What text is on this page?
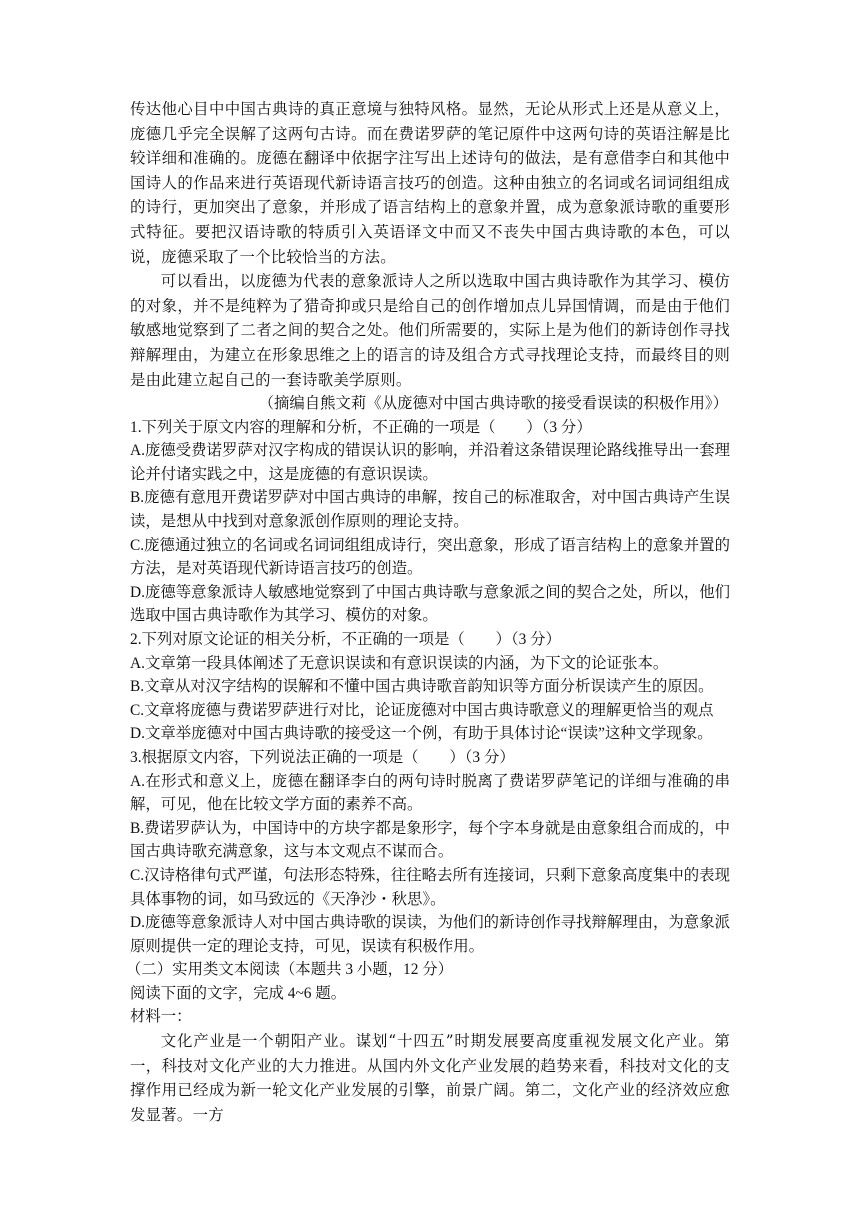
传达他心目中中国古典诗的真正意境与独特风格。显然，无论从形式上还是从意义上，庞德几乎完全误解了这两句古诗。而在费诺罗萨的笔记原件中这两句诗的英语注解是比较详细和准确的。庞德在翻译中依据字注写出上述诗句的做法，是有意借李白和其他中国诗人的作品来进行英语现代新诗语言技巧的创造。这种由独立的名词或名词词组组成的诗行，更加突出了意象，并形成了语言结构上的意象并置，成为意象派诗歌的重要形式特征。要把汉语诗歌的特质引入英语译文中而又不丧失中国古典诗歌的本色，可以说，庞德采取了一个比较恰当的方法。

可以看出，以庞德为代表的意象派诗人之所以选取中国古典诗歌作为其学习、模仿的对象，并不是纯粹为了猎奇抑或只是给自己的创作增加点儿异国情调，而是由于他们敏感地觉察到了二者之间的契合之处。他们所需要的，实际上是为他们的新诗创作寻找辩解理由，为建立在形象思维之上的语言的诗及组合方式寻找理论支持，而最终目的则是由此建立起自己的一套诗歌美学原则。

（摘编自熊文莉《从庞德对中国古典诗歌的接受看误读的积极作用》）

1.下列关于原文内容的理解和分析，不正确的一项是（　　）（3 分）

A.庞德受费诺罗萨对汉字构成的错误认识的影响，并沿着这条错误理论路线推导出一套理论并付诸实践之中，这是庞德的有意识误读。

B.庞德有意甩开费诺罗萨对中国古典诗的串解，按自己的标准取舍，对中国古典诗产生误读，是想从中找到对意象派创作原则的理论支持。

C.庞德通过独立的名词或名词词组组成诗行，突出意象，形成了语言结构上的意象并置的方法，是对英语现代新诗语言技巧的创造。

D.庞德等意象派诗人敏感地觉察到了中国古典诗歌与意象派之间的契合之处，所以，他们选取中国古典诗歌作为其学习、模仿的对象。

2.下列对原文论证的相关分析，不正确的一项是（　　）（3 分）

A.文章第一段具体阐述了无意识误读和有意识误读的内涵，为下文的论证张本。

B.文章从对汉字结构的误解和不懂中国古典诗歌音韵知识等方面分析误读产生的原因。

C.文章将庞德与费诺罗萨进行对比，论证庞德对中国古典诗歌意义的理解更恰当的观点

D.文章举庞德对中国古典诗歌的接受这一个例，有助于具体讨论“误读”这种文学现象。

3.根据原文内容，下列说法正确的一项是（　　）（3 分）

A.在形式和意义上，庞德在翻译李白的两句诗时脱离了费诺罗萨笔记的详细与准确的串解，可见，他在比较文学方面的素养不高。

B.费诺罗萨认为，中国诗中的方块字都是象形字，每个字本身就是由意象组合而成的，中国古典诗歌充满意象，这与本文观点不谋而合。

C.汉诗格律句式严谨，句法形态特殊，往往略去所有连接词，只剩下意象高度集中的表现具体事物的词，如马致远的《天净沙・秋思》。

D.庞德等意象派诗人对中国古典诗歌的误读，为他们的新诗创作寻找辩解理由，为意象派原则提供一定的理论支持，可见，误读有积极作用。

（二）实用类文本阅读（本题共 3 小题，12 分）

阅读下面的文字，完成 4~6 题。

材料一：

文化产业是一个朝阳产业。谋划“十四五”时期发展要高度重视发展文化产业。第一，科技对文化产业的大力推进。从国内外文化产业发展的趋势来看，科技对文化的支撑作用已经成为新一轮文化产业发展的引擎，前景广阔。第二，文化产业的经济效应愈发显著。一方
